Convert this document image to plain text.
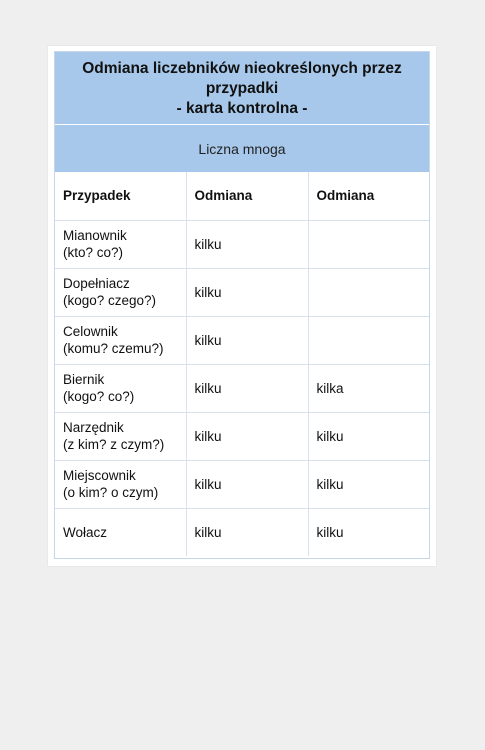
Odmiana liczebników nieokreślonych przez
przypadki
- karta kontrolna -
Liczna mnoga
Przypadek	Odmiana	Odmiana

Mianownik
(kto? co?)	kilku	

Dopełniacz
(kogo? czego?)	kilku	

Celownik
(komu? czemu?)	kilku	

Biernik
(kogo? co?)	kilku	kilka

Narzędnik
(z kim? z czym?)	kilku	kilku

Miejscownik
(o kim? o czym)	kilku	kilku

Wołacz	kilku	kilku
